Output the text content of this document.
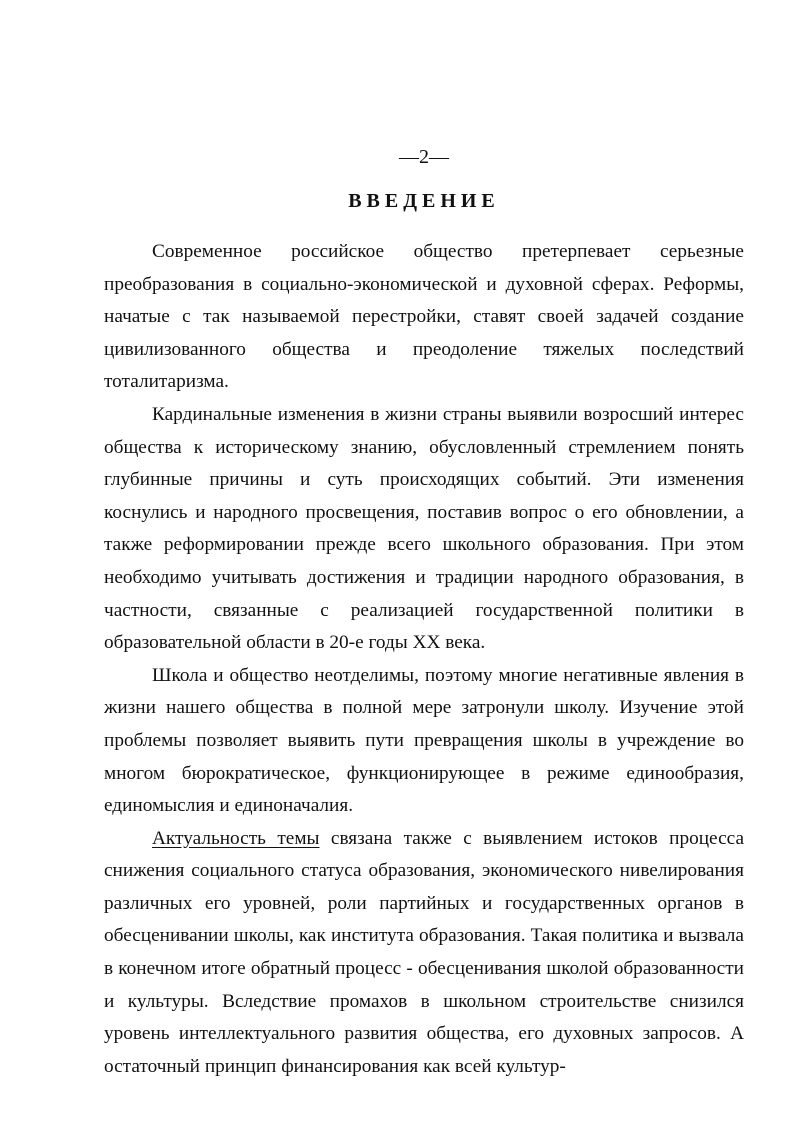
—2—
ВВЕДЕНИЕ

Современное российское общество претерпевает серьезные преобразования в социально-экономической и духовной сферах. Реформы, начатые с так называемой перестройки, ставят своей задачей создание цивилизованного общества и преодоление тяжелых последствий тоталитаризма.

Кардинальные изменения в жизни страны выявили возросший интерес общества к историческому знанию, обусловленный стремлением понять глубинные причины и суть происходящих событий. Эти изменения коснулись и народного просвещения, поставив вопрос о его обновлении, а также реформировании прежде всего школьного образования. При этом необходимо учитывать достижения и традиции народного образования, в частности, связанные с реализацией государственной политики в образовательной области в 20-е годы XX века.

Школа и общество неотделимы, поэтому многие негативные явления в жизни нашего общества в полной мере затронули школу. Изучение этой проблемы позволяет выявить пути превращения школы в учреждение во многом бюрократическое, функционирующее в режиме единообразия, единомыслия и единоначалия.

Актуальность темы связана также с выявлением истоков процесса снижения социального статуса образования, экономического нивелирования различных его уровней, роли партийных и государственных органов в обесценивании школы, как института образования. Такая политика и вызвала в конечном итоге обратный процесс - обесценивания школой образованности и культуры. Вследствие промахов в школьном строительстве снизился уровень интеллектуального развития общества, его духовных запросов. А остаточный принцип финансирования как всей культур-
